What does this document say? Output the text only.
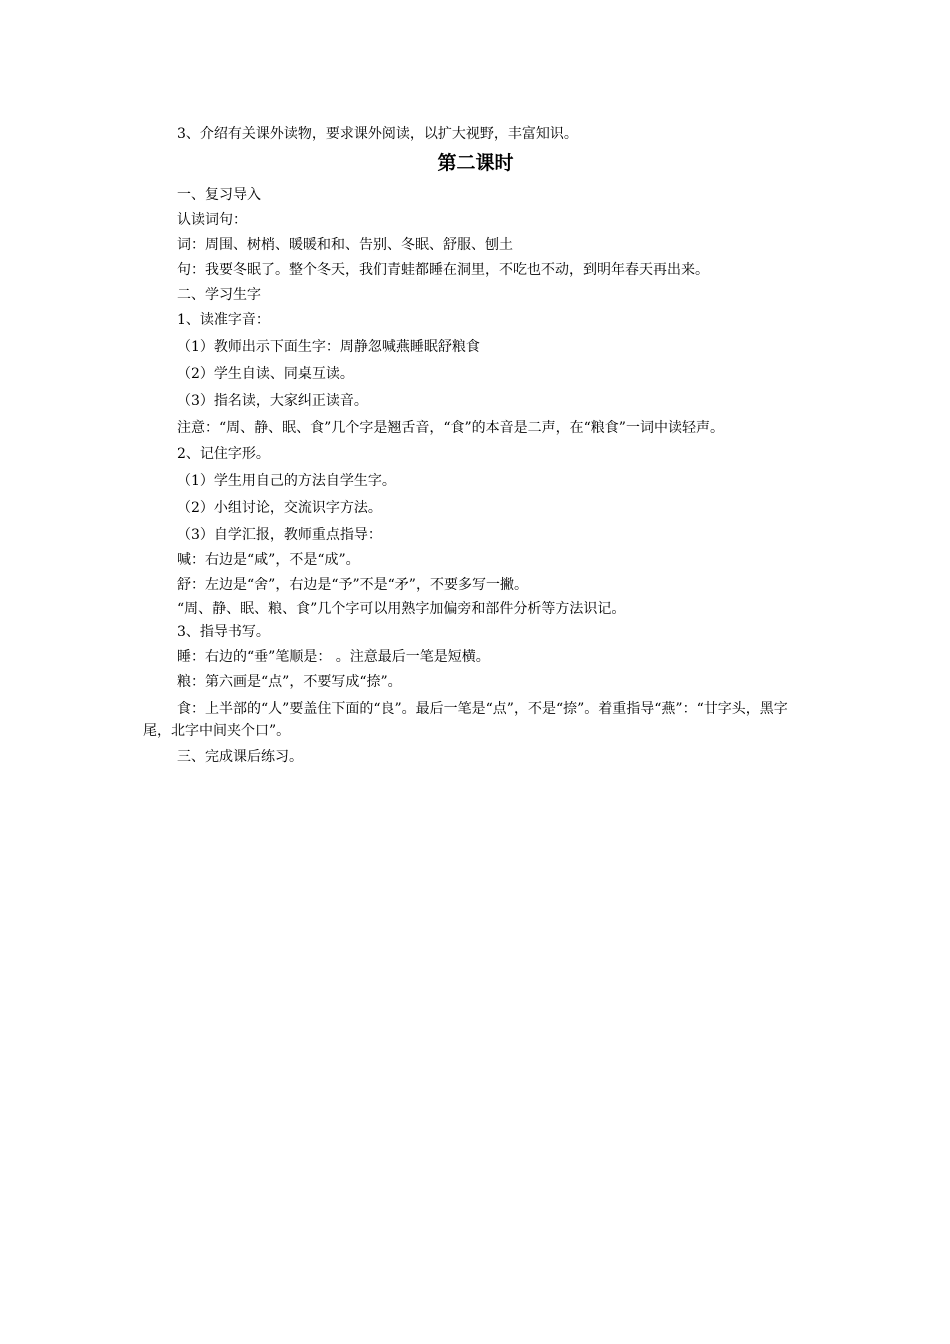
3、介绍有关课外读物，要求课外阅读，以扩大视野，丰富知识。

第二课时

一、复习导入

认读词句：

词：周围、树梢、暖暖和和、告别、冬眠、舒服、刨土

句：我要冬眠了。整个冬天，我们青蛙都睡在洞里，不吃也不动，到明年春天再出来。

二、学习生字

1、读准字音：

（1）教师出示下面生字：周静忽喊燕睡眠舒粮食

（2）学生自读、同桌互读。

（3）指名读，大家纠正读音。

注意：“周、静、眠、食”几个字是翘舌音，“食”的本音是二声，在“粮食”一词中读轻声。

2、记住字形。

（1）学生用自己的方法自学生字。

（2）小组讨论，交流识字方法。

（3）自学汇报，教师重点指导：

喊：右边是“咸”，不是“成”。

舒：左边是“舍”，右边是“予”不是“矛”，不要多写一撇。

“周、静、眠、粮、食”几个字可以用熟字加偏旁和部件分析等方法识记。

3、指导书写。

睡：右边的“垂”笔顺是： 。注意最后一笔是短横。

粮：第六画是“点”，不要写成“捺”。

食：上半部的“人”要盖住下面的“良”。最后一笔是“点”，不是“捺”。着重指导“燕”：“廿字头，黑字尾，北字中间夹个口”。

三、完成课后练习。
